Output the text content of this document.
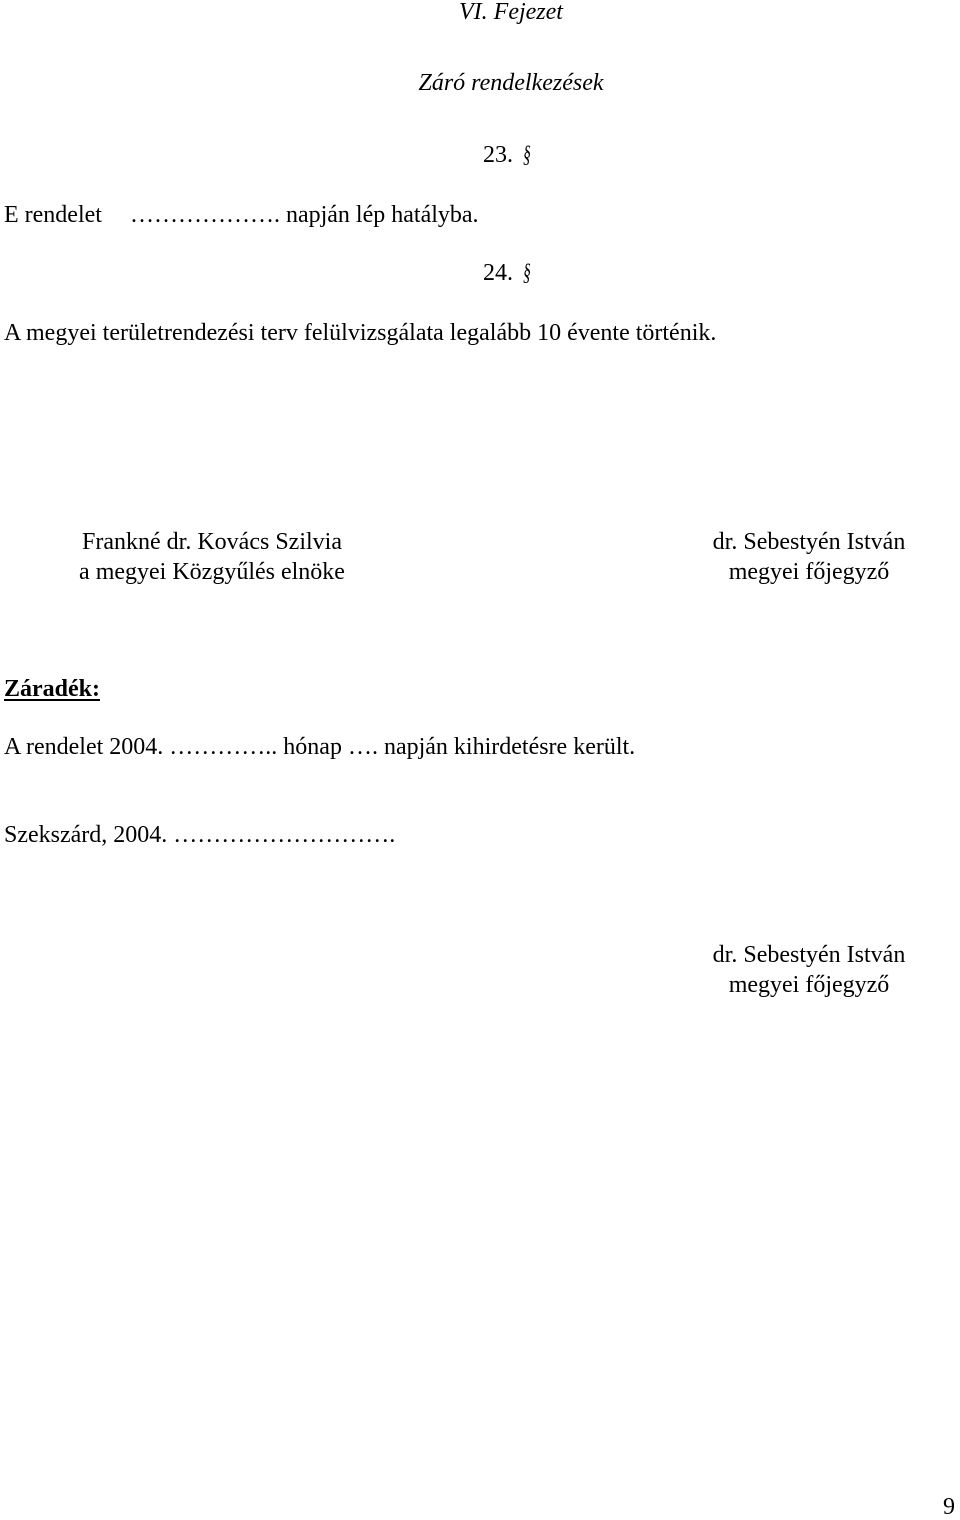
VI. Fejezet
Záró rendelkezések
23. §
E rendelet ………………. napján lép hatályba.
24. §
A megyei területrendezési terv felülvizsgálata legalább 10 évente történik.
Frankné dr. Kovács Szilvia
a megyei Közgyűlés elnöke
dr. Sebestyén István
megyei főjegyző
Záradék:
A rendelet 2004. ………….. hónap …. napján kihirdetésre került.
Szekszárd, 2004. ……………………….
dr. Sebestyén István
megyei főjegyző
9
